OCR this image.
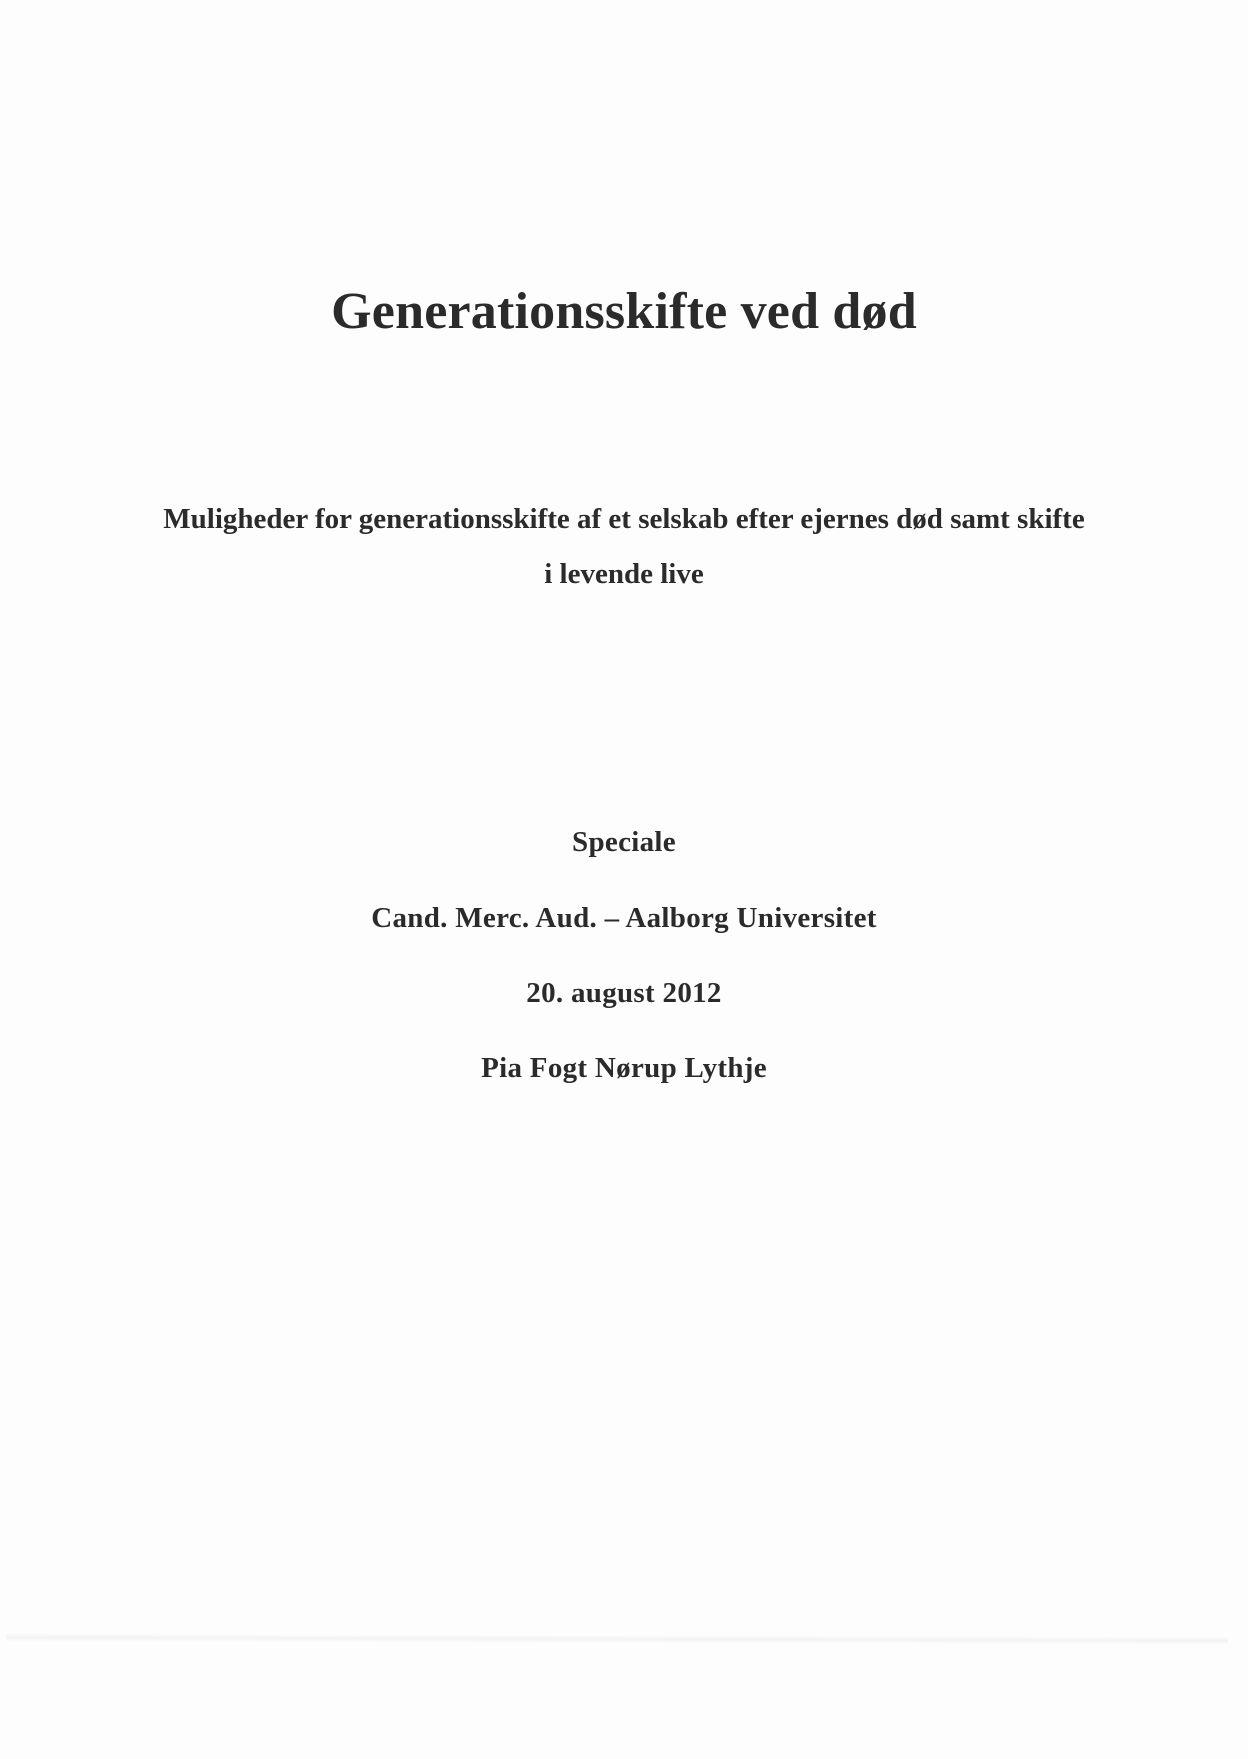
Generationsskifte ved død
Muligheder for generationsskifte af et selskab efter ejernes død samt skifte
i levende live
Speciale
Cand. Merc. Aud. – Aalborg Universitet
20. august 2012
Pia Fogt Nørup Lythje
